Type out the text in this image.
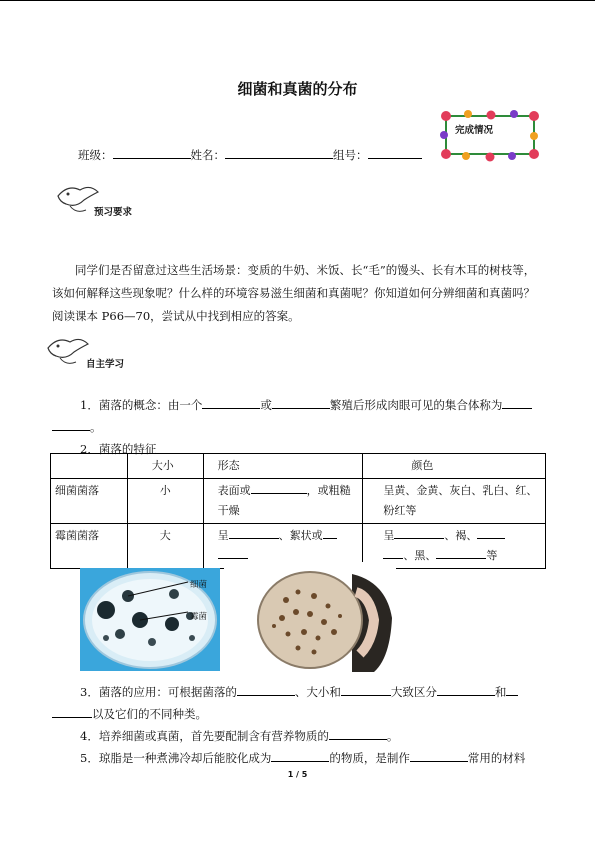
细菌和真菌的分布
班级：	姓名：	组号：
完成情况
预习要求
同学们是否留意过这些生活场景：变质的牛奶、米饭、长“毛”的馒头、长有木耳的树枝等，该如何解释这些现象呢？什么样的环境容易滋生细菌和真菌呢？你知道如何分辨细菌和真菌吗？阅读课本 P66—70，尝试从中找到相应的答案。
自主学习
1．菌落的概念：由一个	或	繁殖后形成肉眼可见的集合体称为
。
2．菌落的特征
	大小	形态	颜色
细菌菌落	小	表面或 ，或粗糙干燥	呈黄、金黄、灰白、乳白、红、粉红等
霉菌菌落	大	呈 、絮状或	呈 、褐、
、黑、 等
细菌
霉菌
3．菌落的应用：可根据菌落的	、大小和	大致区分	和
以及它们的不同种类。
4．培养细菌或真菌，首先要配制含有营养物质的	。
5．琼脂是一种煮沸冷却后能胶化成为	的物质，是制作	常用的材料
1 / 5
